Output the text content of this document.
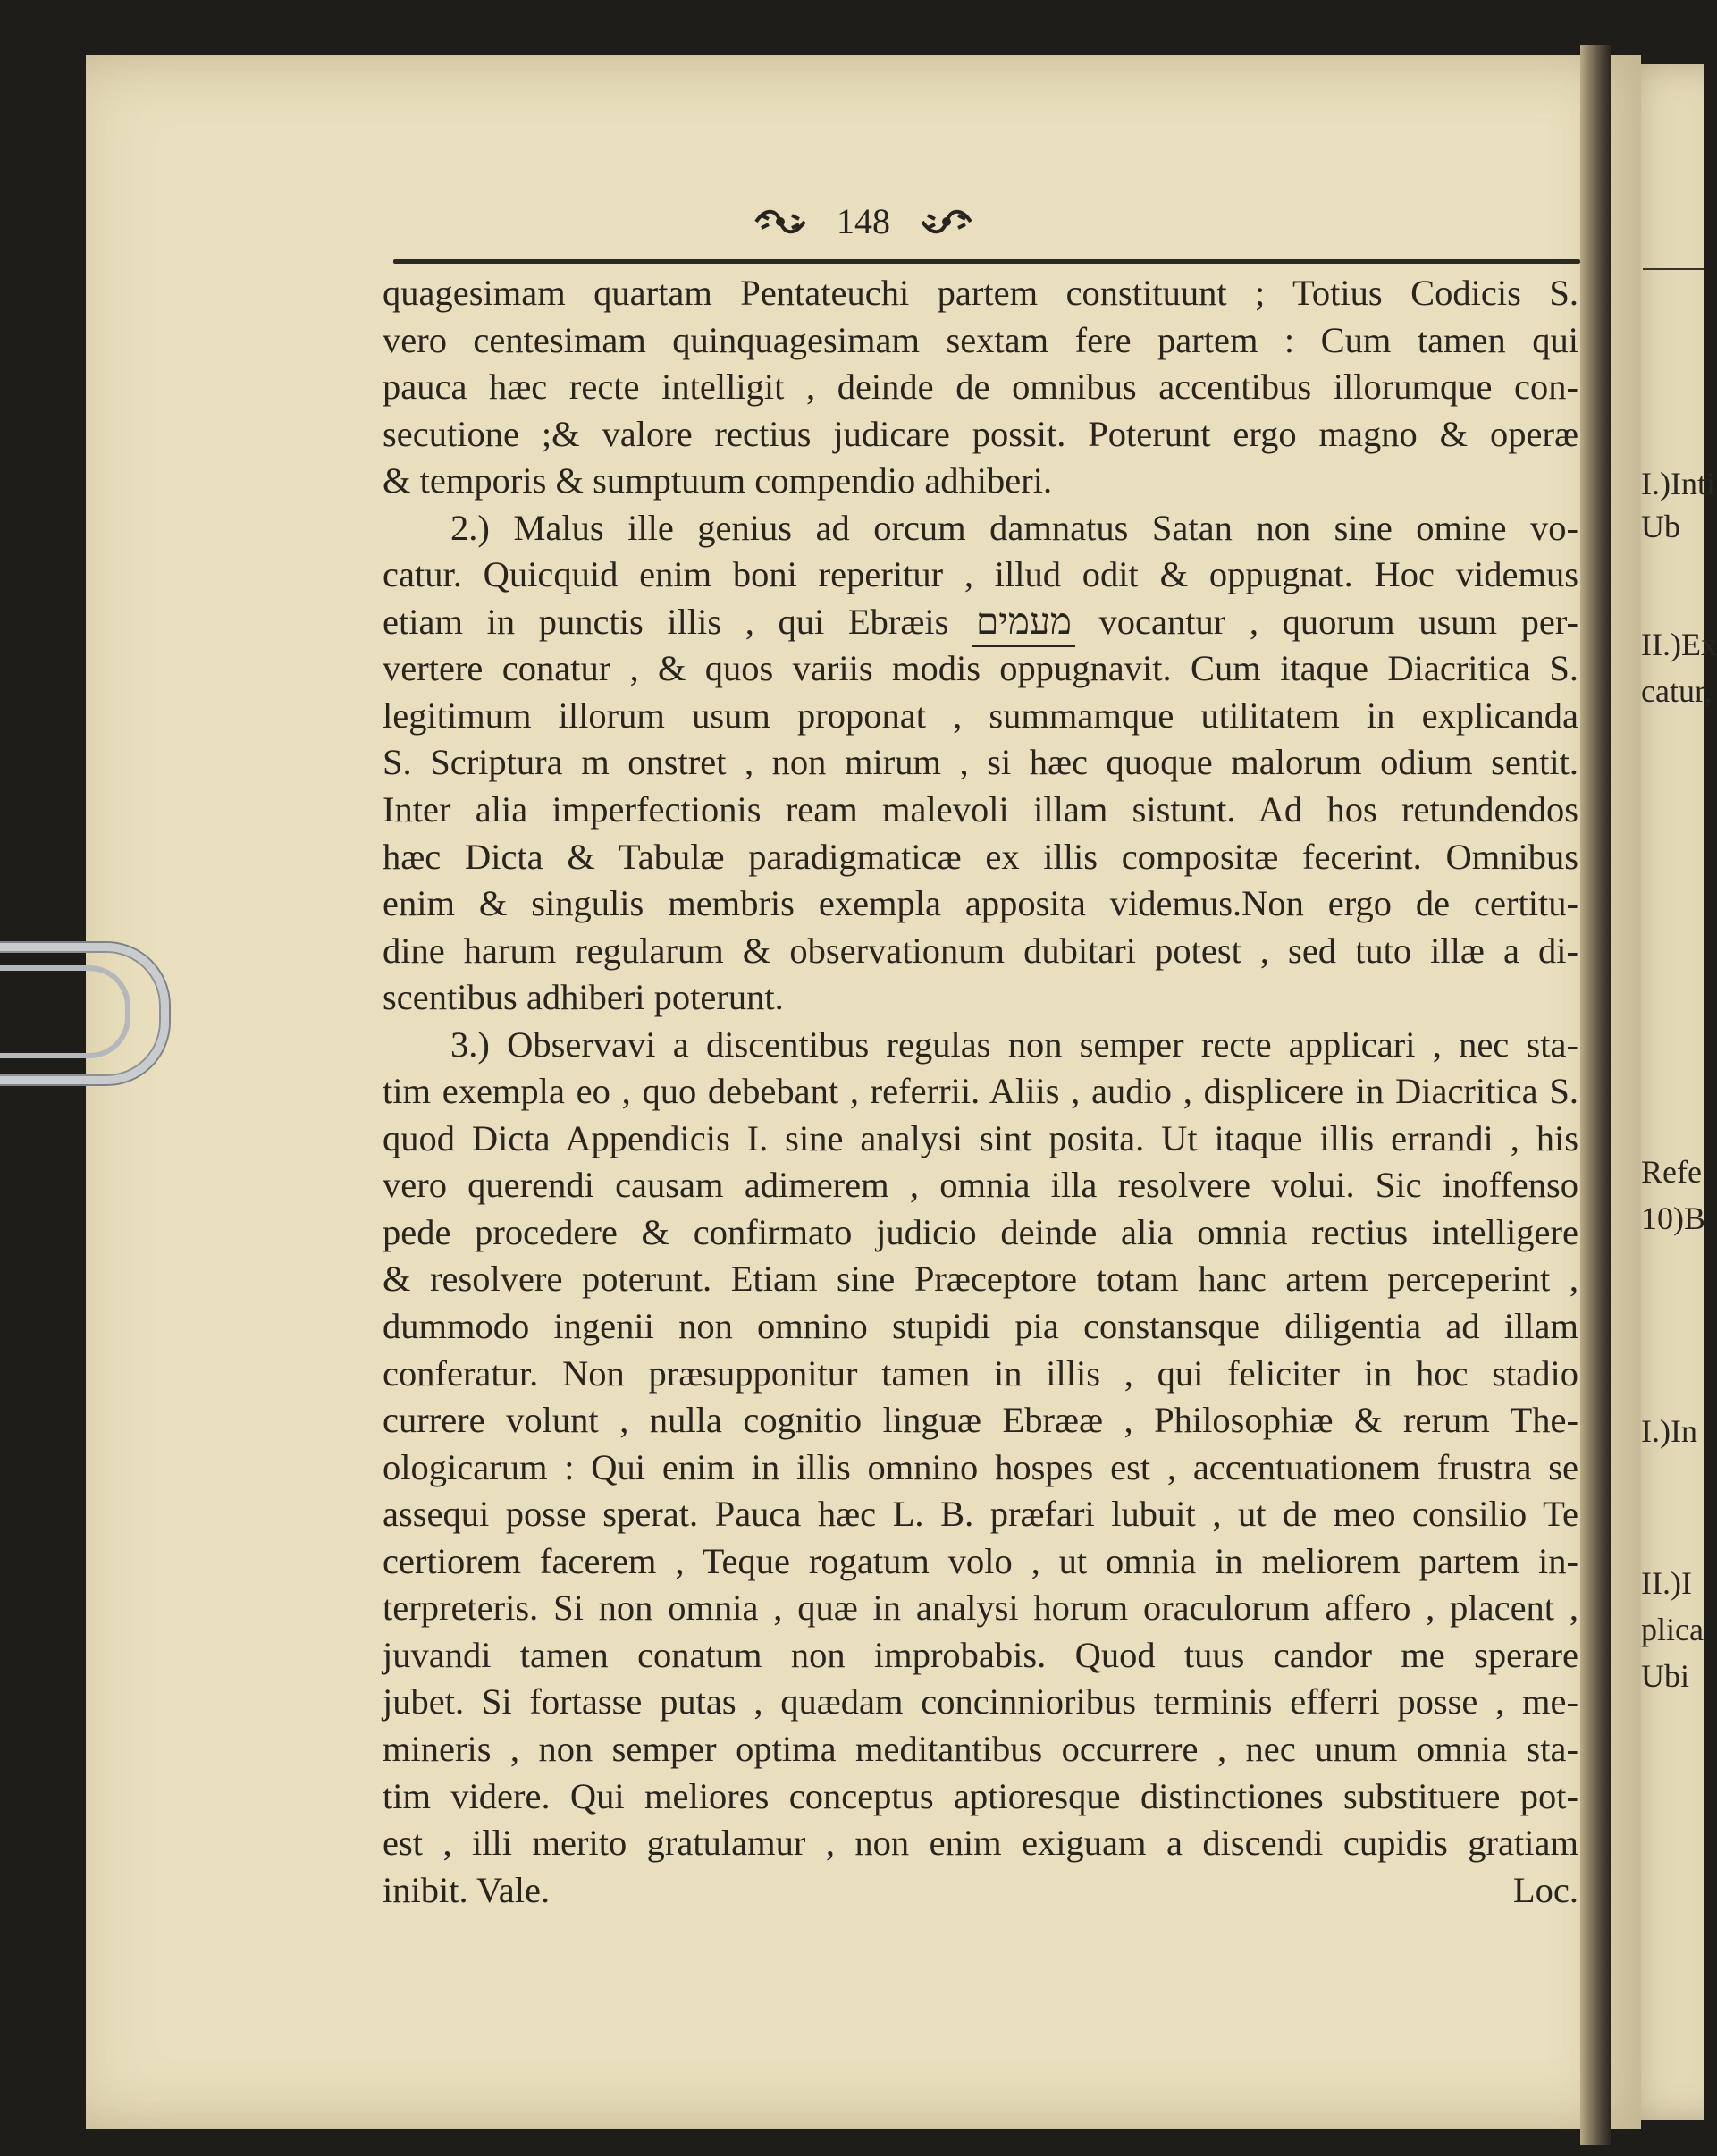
I.)Inti
Ub
II.)Ex
catur,
Refe
10)B
I.)In
II.)I
plica
Ubi
148
quagesimam quartam Pentateuchi partem constituunt ; Totius Codicis S.
vero centesimam quinquagesimam sextam fere partem : Cum tamen qui
pauca hæc recte intelligit , deinde de omnibus accentibus illorumque con-
secutione ;& valore rectius judicare possit. Poterunt ergo magno & operæ
& temporis & sumptuum compendio adhiberi.
2.) Malus ille genius ad orcum damnatus Satan non sine omine vo-
catur. Quicquid enim boni reperitur , illud odit & oppugnat. Hoc videmus
etiam in punctis illis , qui Ebræis מעמים vocantur , quorum usum per-
vertere conatur , & quos variis modis oppugnavit. Cum itaque Diacritica S.
legitimum illorum usum proponat , summamque utilitatem in explicanda
S. Scriptura m onstret , non mirum , si hæc quoque malorum odium sentit.
Inter alia imperfectionis ream malevoli illam sistunt. Ad hos retundendos
hæc Dicta & Tabulæ paradigmaticæ ex illis compositæ fecerint. Omnibus
enim & singulis membris exempla apposita videmus.Non ergo de certitu-
dine harum regularum & observationum dubitari potest , sed tuto illæ a di-
scentibus adhiberi poterunt.
3.) Observavi a discentibus regulas non semper recte applicari , nec sta-
tim exempla eo , quo debebant , referrii. Aliis , audio , displicere in Diacritica S.
quod Dicta Appendicis I. sine analysi sint posita. Ut itaque illis errandi , his
vero querendi causam adimerem , omnia illa resolvere volui. Sic inoffenso
pede procedere & confirmato judicio deinde alia omnia rectius intelligere
& resolvere poterunt. Etiam sine Præceptore totam hanc artem perceperint ,
dummodo ingenii non omnino stupidi pia constansque diligentia ad illam
conferatur. Non præsupponitur tamen in illis , qui feliciter in hoc stadio
currere volunt , nulla cognitio linguæ Ebrææ , Philosophiæ & rerum The-
ologicarum : Qui enim in illis omnino hospes est , accentuationem frustra se
assequi posse sperat. Pauca hæc L. B. præfari lubuit , ut de meo consilio Te
certiorem facerem , Teque rogatum volo , ut omnia in meliorem partem in-
terpreteris. Si non omnia , quæ in analysi horum oraculorum affero , placent ,
juvandi tamen conatum non improbabis. Quod tuus candor me sperare
jubet. Si fortasse putas , quædam concinnioribus terminis efferri posse , me-
mineris , non semper optima meditantibus occurrere , nec unum omnia sta-
tim videre. Qui meliores conceptus aptioresque distinctiones substituere pot-
est , illi merito gratulamur , non enim exiguam a discendi cupidis gratiam
inibit. Vale.	Loc.
